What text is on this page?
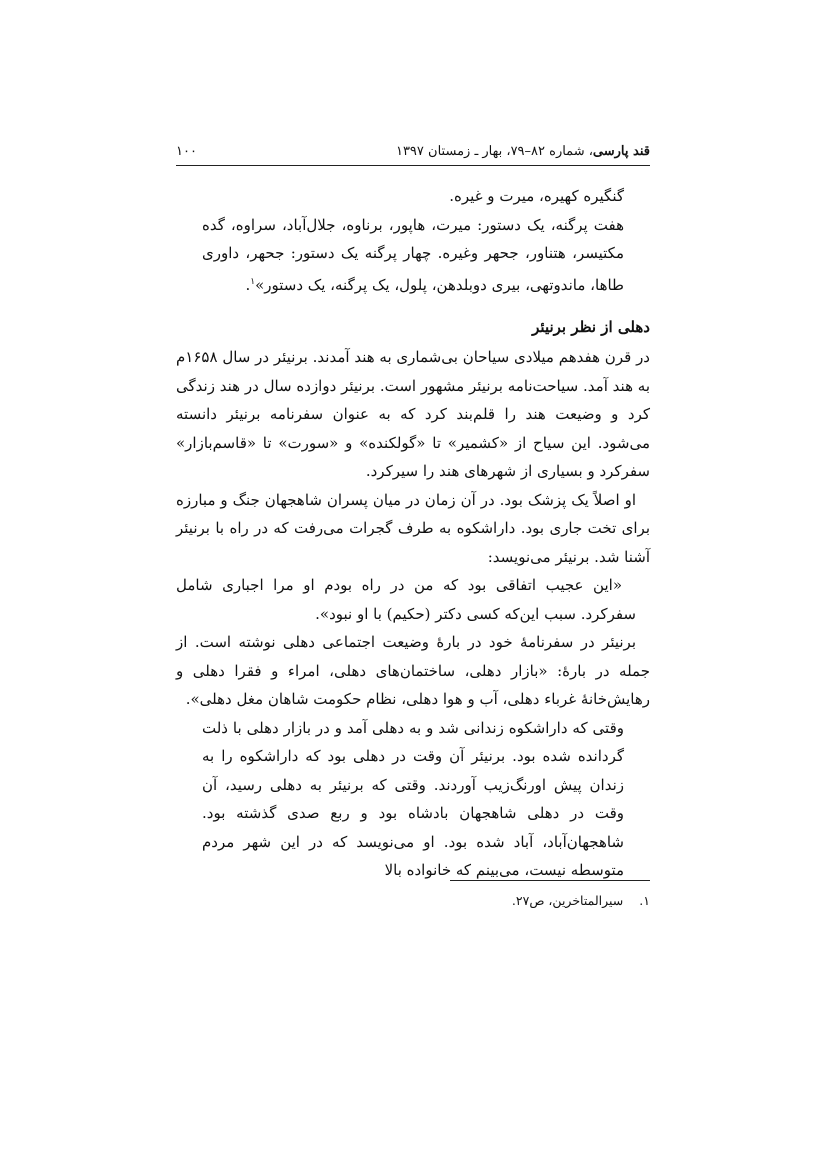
قند پارسی، شماره ۸۲–۷۹، بهار ـ زمستان ۱۳۹۷
۱۰۰

گنگیره کهیره، میرت و غیره.

هفت پرگنه، یک دستور: میرت، هاپور، برناوه، جلال‌آباد، سراوه، گده مکتیسر، هتناور، جحهر وغیره. چهار پرگنه یک دستور: جحهر، داوری طاها، ماندوتهی، بیری دوبلدهن، پلول، یک پرگنه، یک دستور»$^۱$.

دهلی از نظر برنیئر

در قرن هفدهم میلادی سیاحان بی‌شماری به هند آمدند. برنیئر در سال ۱۶۵۸م به هند آمد. سیاحت‌نامه برنیئر مشهور است. برنیئر دوازده سال در هند زندگی کرد و وضیعت هند را قلم‌بند کرد که به عنوان سفرنامه برنیئر دانسته می‌شود. این سیاح از «کشمیر» تا «گولکنده» و «سورت» تا «قاسم‌بازار» سفرکرد و بسیاری از شهرهای هند را سیرکرد.

او اصلاً یک پزشک بود. در آن زمان در میان پسران شاهجهان جنگ و مبارزه برای تخت جاری بود. داراشکوه به طرف گجرات می‌رفت که در راه با برنیئر آشنا شد. برنیئر می‌نویسد:

«این عجیب اتفاقی بود که من در راه بودم او مرا اجباری شامل سفرکرد. سبب این‌که کسی دکتر (حکیم) با او نبود».

برنیئر در سفرنامهٔ خود در بارهٔ وضیعت اجتماعی دهلی نوشته است. از جمله در بارهٔ: «بازار دهلی، ساختمان‌های دهلی، امراء و فقرا دهلی و رهایش‌خانهٔ غرباء دهلی، آب و هوا دهلی، نظام حکومت شاهان مغل دهلی».

وقتی که داراشکوه زندانی شد و به دهلی آمد و در بازار دهلی با ذلت گردانده شده بود. برنیئر آن وقت در دهلی بود که داراشکوه را به زندان پیش اورنگ‌زیب آوردند. وقتی که برنیئر به دهلی رسید، آن وقت در دهلی شاهجهان بادشاه بود و ربع صدی گذشته بود. شاهجهان‌آباد، آباد شده بود. او می‌نویسد که در این شهر مردم متوسطه نیست، می‌بینم که خانواده بالا

۱.سیرالمتاخرین، ص۲۷.
